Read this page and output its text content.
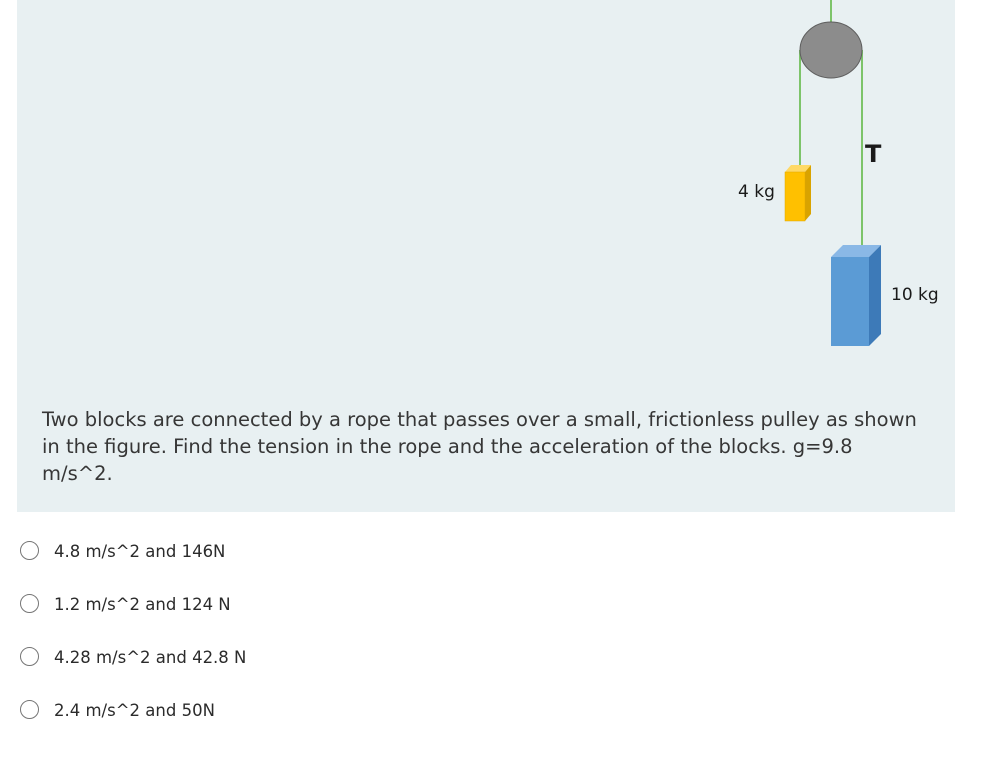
4 kg
10 kg
T

Two blocks are connected by a rope that passes over a small, frictionless pulley as shown in the figure. Find the tension in the rope and the acceleration of the blocks. g=9.8 m/s^2.

4.8 m/s^2 and 146N
1.2 m/s^2 and 124 N
4.28 m/s^2 and 42.8 N
2.4 m/s^2 and 50N
